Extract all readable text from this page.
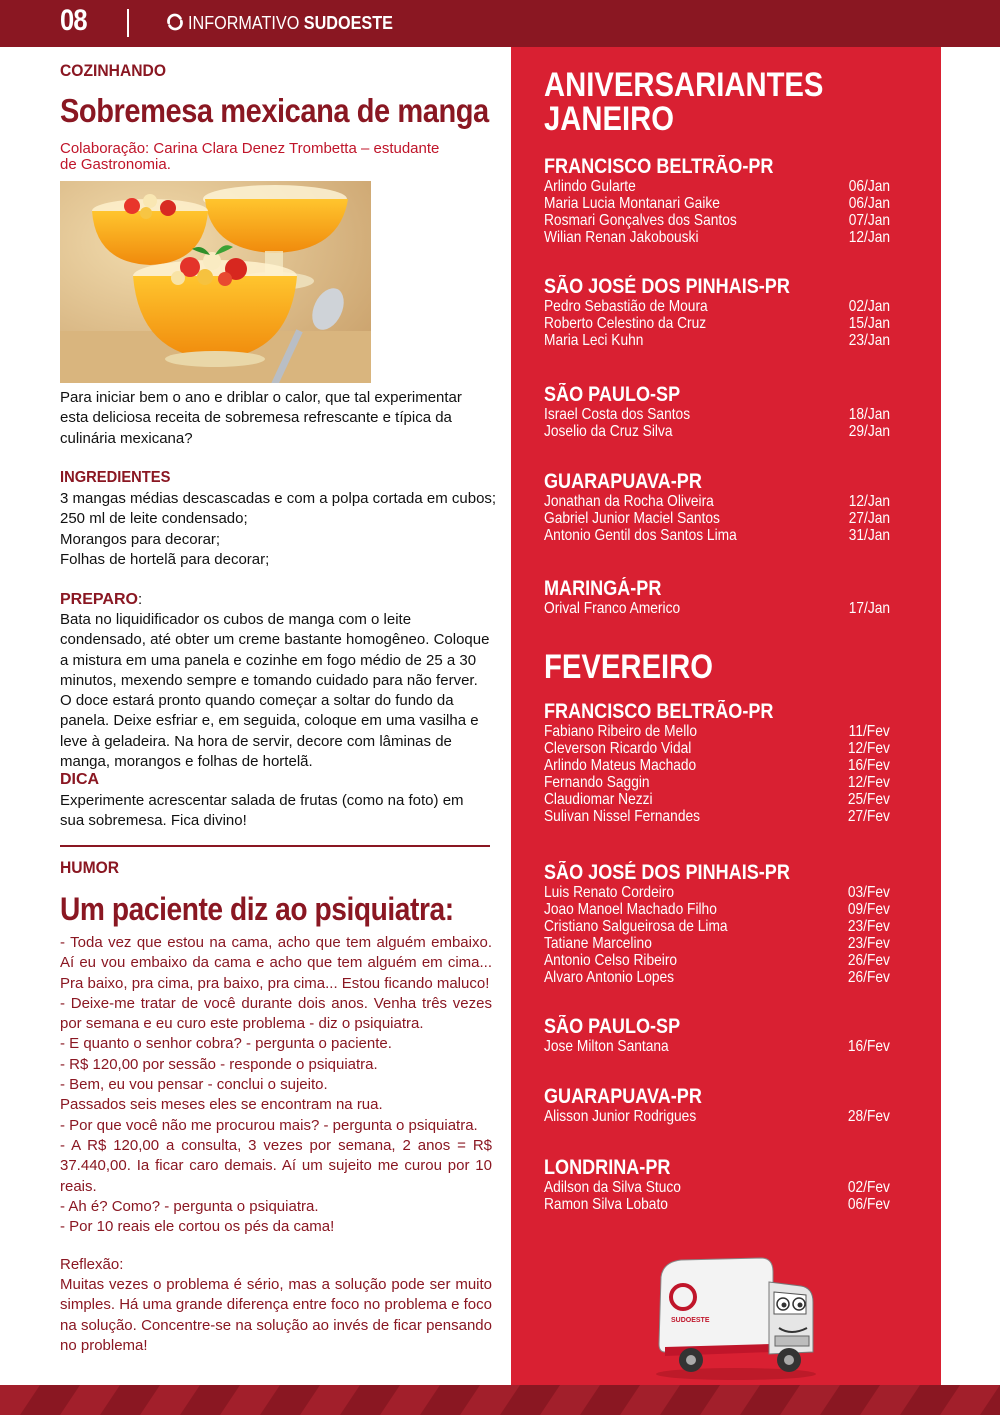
08	INFORMATIVO SUDOESTE
COZINHANDO
Sobremesa mexicana de manga
Colaboração: Carina Clara Denez Trombetta – estudante de Gastronomia.
Para iniciar bem o ano e driblar o calor, que tal experimentar esta deliciosa receita de sobremesa refrescante e típica da culinária mexicana?
INGREDIENTES
3 mangas médias descascadas e com a polpa cortada em cubos;
250 ml de leite condensado;
Morangos para decorar;
Folhas de hortelã para decorar;
PREPARO:
Bata no liquidificador os cubos de manga com o leite condensado, até obter um creme bastante homogêneo. Coloque a mistura em uma panela e cozinhe em fogo médio de 25 a 30 minutos, mexendo sempre e tomando cuidado para não ferver. O doce estará pronto quando começar a soltar do fundo da panela. Deixe esfriar e, em seguida, coloque em uma vasilha e leve à geladeira. Na hora de servir, decore com lâminas de manga, morangos e folhas de hortelã.
DICA
Experimente acrescentar salada de frutas (como na foto) em sua sobremesa. Fica divino!
HUMOR
Um paciente diz ao psiquiatra:
- Toda vez que estou na cama, acho que tem alguém embaixo. Aí eu vou embaixo da cama e acho que tem alguém em cima... Pra baixo, pra cima, pra baixo, pra cima... Estou ficando maluco!
- Deixe-me tratar de você durante dois anos. Venha três vezes por semana e eu curo este problema - diz o psiquiatra.
- E quanto o senhor cobra? - pergunta o paciente.
- R$ 120,00 por sessão - responde o psiquiatra.
- Bem, eu vou pensar - conclui o sujeito.
Passados seis meses eles se encontram na rua.
- Por que você não me procurou mais? - pergunta o psiquiatra.
- A R$ 120,00 a consulta, 3 vezes por semana, 2 anos = R$ 37.440,00. Ia ficar caro demais. Aí um sujeito me curou por 10 reais.
- Ah é? Como? - pergunta o psiquiatra.
- Por 10 reais ele cortou os pés da cama!
Reflexão:
Muitas vezes o problema é sério, mas a solução pode ser muito simples. Há uma grande diferença entre foco no problema e foco na solução. Concentre-se na solução ao invés de ficar pensando no problema!
ANIVERSARIANTES
JANEIRO
FEVEREIRO
SUDOESTE
FRANCISCO BELTRÃO-PR
Arlindo Gularte	06/Jan
Maria Lucia Montanari Gaike	06/Jan
Rosmari Gonçalves dos Santos	07/Jan
Wilian Renan Jakobouski	12/Jan
SÃO JOSÉ DOS PINHAIS-PR
Pedro Sebastião de Moura	02/Jan
Roberto Celestino da Cruz	15/Jan
Maria Leci Kuhn	23/Jan
SÃO PAULO-SP
Israel Costa dos Santos	18/Jan
Joselio da Cruz Silva	29/Jan
GUARAPUAVA-PR
Jonathan da Rocha Oliveira	12/Jan
Gabriel Junior Maciel Santos	27/Jan
Antonio Gentil dos Santos Lima	31/Jan
MARINGÁ-PR
Orival Franco Americo	17/Jan
FRANCISCO BELTRÃO-PR
Fabiano Ribeiro de Mello	11/Fev
Cleverson Ricardo Vidal	12/Fev
Arlindo Mateus Machado	16/Fev
Fernando Saggin	12/Fev
Claudiomar Nezzi	25/Fev
Sulivan Nissel Fernandes	27/Fev
SÃO JOSÉ DOS PINHAIS-PR
Luis Renato Cordeiro	03/Fev
Joao Manoel Machado Filho	09/Fev
Cristiano Salgueirosa de Lima	23/Fev
Tatiane Marcelino	23/Fev
Antonio Celso Ribeiro	26/Fev
Alvaro Antonio Lopes	26/Fev
SÃO PAULO-SP
Jose Milton Santana	16/Fev
GUARAPUAVA-PR
Alisson Junior Rodrigues	28/Fev
LONDRINA-PR
Adilson da Silva Stuco	02/Fev
Ramon Silva Lobato	06/Fev
